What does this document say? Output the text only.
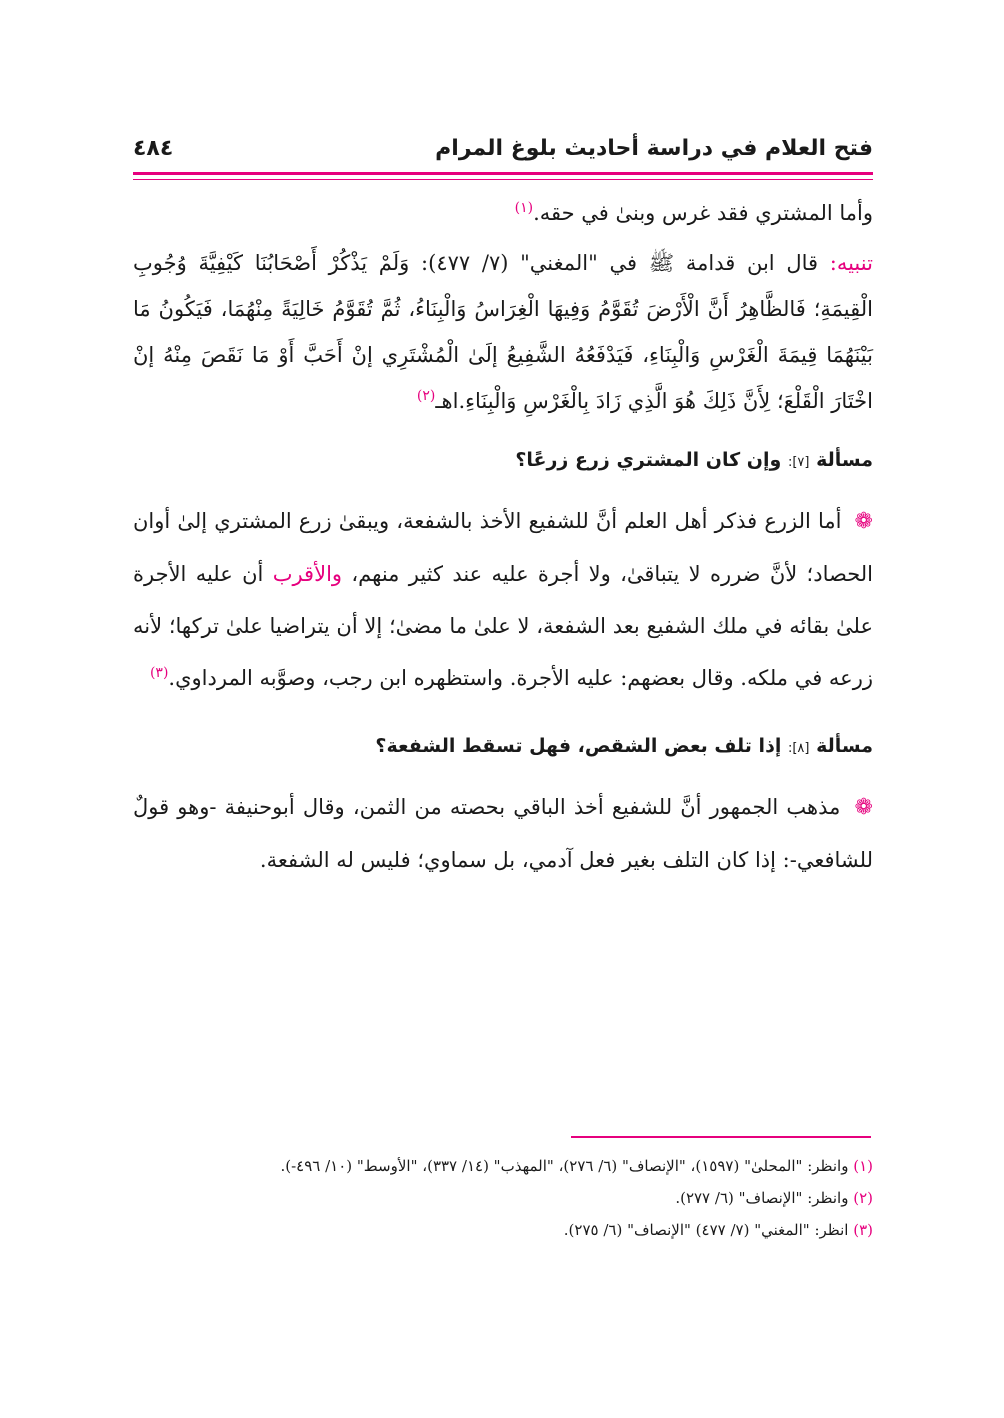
فتح العلام في دراسة أحاديث بلوغ المرام
٤٨٤

وأما المشتري فقد غرس وبنىٰ في حقه.$^{(١)}$

تنبيه: قال ابن قدامة ﷺ في "المغني" (٧/ ٤٧٧): وَلَمْ يَذْكُرْ أَصْحَابُنَا كَيْفِيَّةَ وُجُوبِ الْقِيمَةِ؛ فَالظَّاهِرُ أَنَّ الْأَرْضَ تُقَوَّمُ وَفِيهَا الْغِرَاسُ وَالْبِنَاءُ، ثُمَّ تُقَوَّمُ خَالِيَةً مِنْهُمَا، فَيَكُونُ مَا بَيْنَهُمَا قِيمَةَ الْغَرْسِ وَالْبِنَاءِ، فَيَدْفَعُهُ الشَّفِيعُ إلَىٰ الْمُشْتَرِي إنْ أَحَبَّ أَوْ مَا نَقَصَ مِنْهُ إنْ اخْتَارَ الْقَلْعَ؛ لِأَنَّ ذَلِكَ هُوَ الَّذِي زَادَ بِالْغَرْسِ وَالْبِنَاءِ.اهـ$^{(٢)}$

مسألة [٧]: وإن كان المشتري زرع زرعًا؟

❁ أما الزرع فذكر أهل العلم أنَّ للشفيع الأخذ بالشفعة، ويبقىٰ زرع المشتري إلىٰ أوان الحصاد؛ لأنَّ ضرره لا يتباقىٰ، ولا أجرة عليه عند كثير منهم، والأقرب أن عليه الأجرة علىٰ بقائه في ملك الشفيع بعد الشفعة، لا علىٰ ما مضىٰ؛ إلا أن يتراضيا علىٰ تركها؛ لأنه زرعه في ملكه. وقال بعضهم: عليه الأجرة. واستظهره ابن رجب، وصوَّبه المرداوي.$^{(٣)}$

مسألة [٨]: إذا تلف بعض الشقص، فهل تسقط الشفعة؟

❁ مذهب الجمهور أنَّ للشفيع أخذ الباقي بحصته من الثمن، وقال أبوحنيفة -وهو قولٌ للشافعي-: إذا كان التلف بغير فعل آدمي، بل سماوي؛ فليس له الشفعة.

(١) وانظر: "المحلىٰ" (١٥٩٧)، "الإنصاف" (٦/ ٢٧٦)، "المهذب" (١٤/ ٣٣٧)، "الأوسط" (١٠/ ٤٩٦-).

(٢) وانظر: "الإنصاف" (٦/ ٢٧٧).

(٣) انظر: "المغني" (٧/ ٤٧٧) "الإنصاف" (٦/ ٢٧٥).
